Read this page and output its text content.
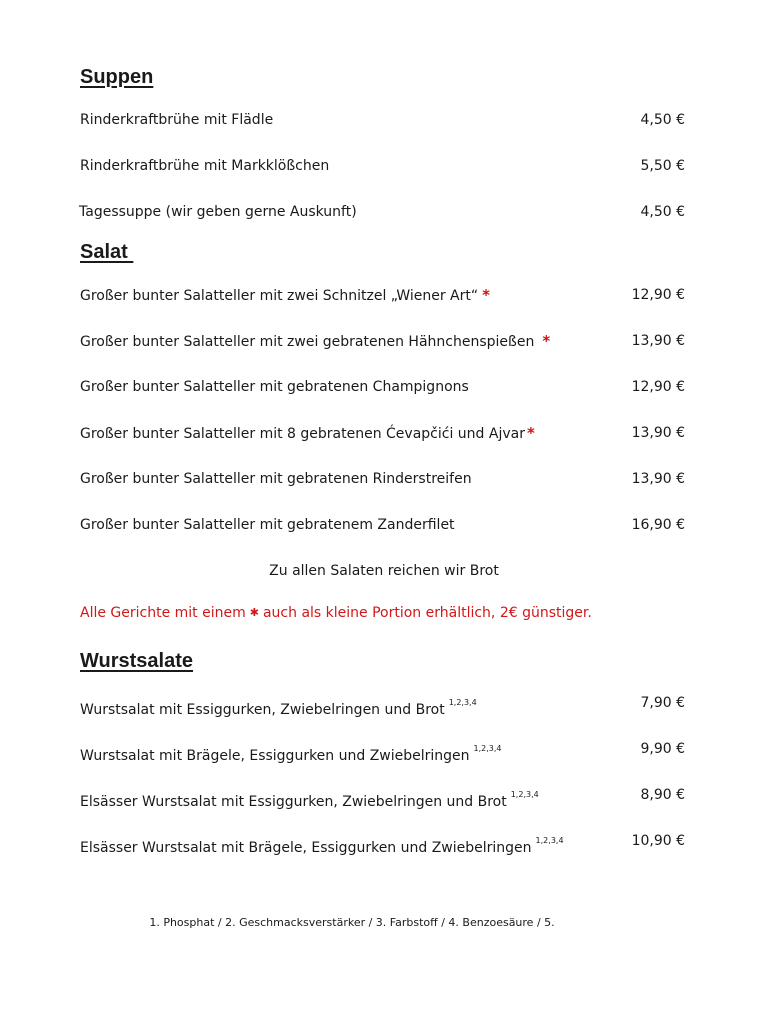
Suppen
Rinderkraftbrühe mit Flädle	4,50 €
Rinderkraftbrühe mit Markklößchen	5,50 €
Tagessuppe (wir geben gerne Auskunft)	4,50 €
Salat
Großer bunter Salatteller mit zwei Schnitzel „Wiener Art“ *	12,90 €
Großer bunter Salatteller mit zwei gebratenen Hähnchenspießen *	13,90 €
Großer bunter Salatteller mit gebratenen Champignons	12,90 €
Großer bunter Salatteller mit 8 gebratenen Ćevapčići und Ajvar *	13,90 €
Großer bunter Salatteller mit gebratenen Rinderstreifen	13,90 €
Großer bunter Salatteller mit gebratenem Zanderfilet	16,90 €
Zu allen Salaten reichen wir Brot
Alle Gerichte mit einem ✱ auch als kleine Portion erhältlich, 2€ günstiger.
Wurstsalate
Wurstsalat mit Essiggurken, Zwiebelringen und Brot $^{1,2,3,4}$	7,90 €
Wurstsalat mit Brägele, Essiggurken und Zwiebelringen $^{1,2,3,4}$	9,90 €
Elsässer Wurstsalat mit Essiggurken, Zwiebelringen und Brot $^{1,2,3,4}$	8,90 €
Elsässer Wurstsalat mit Brägele, Essiggurken und Zwiebelringen $^{1,2,3,4}$	10,90 €
1. Phosphat / 2. Geschmacksverstärker / 3. Farbstoff / 4. Benzoesäure / 5.
